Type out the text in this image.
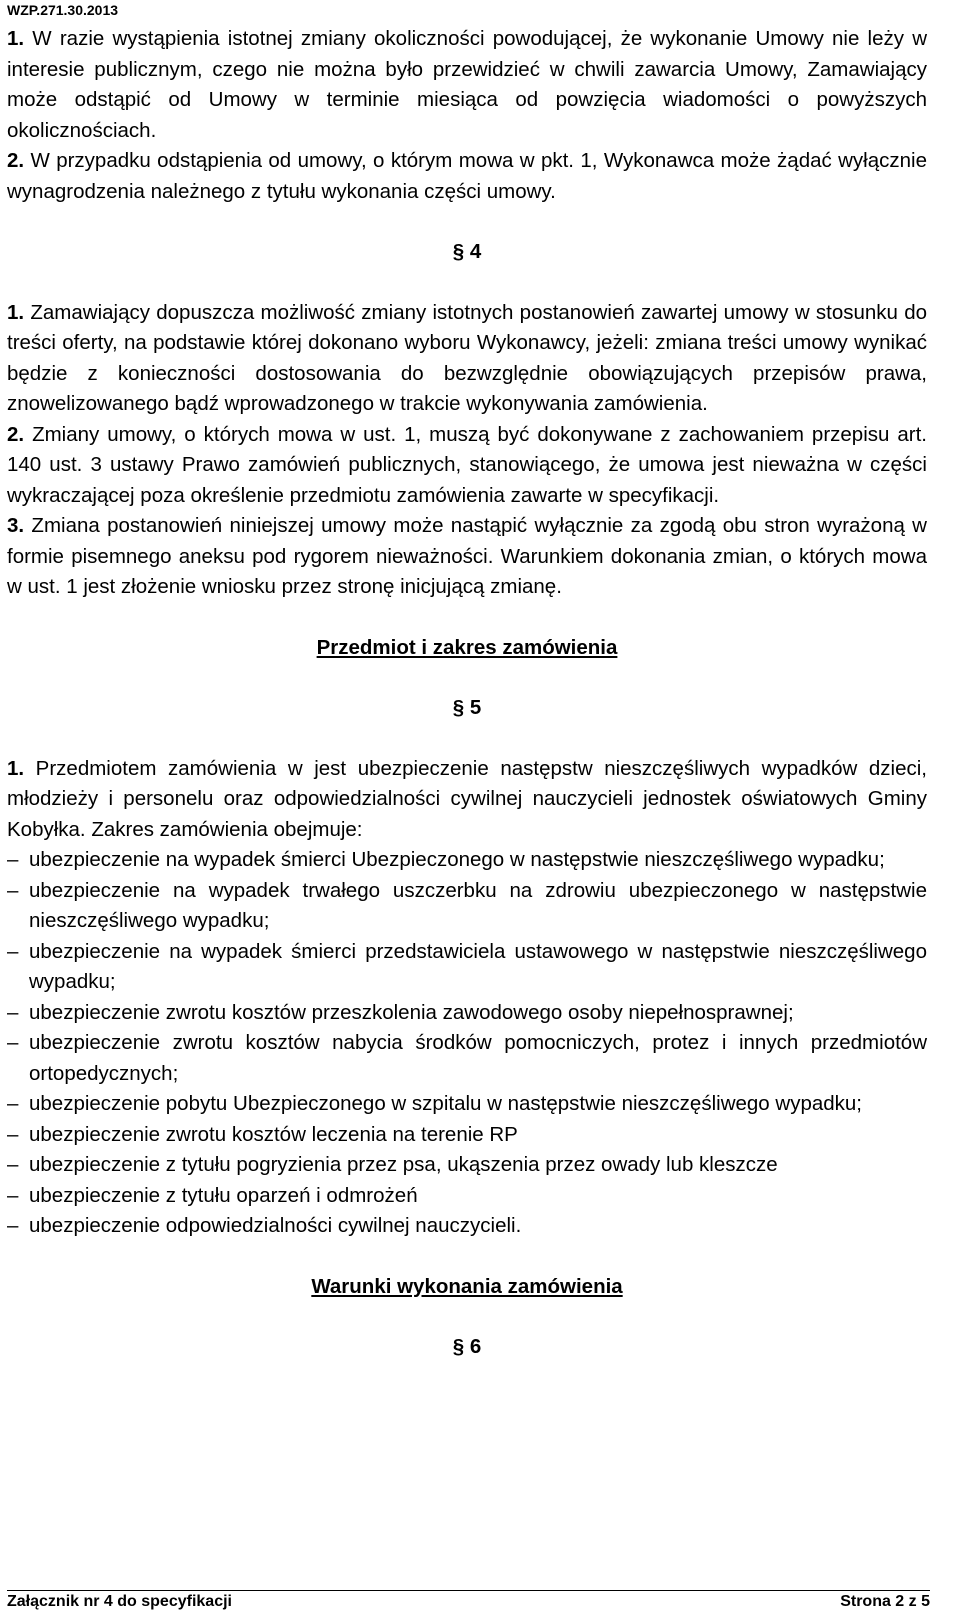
WZP.271.30.2013

1. W razie wystąpienia istotnej zmiany okoliczności powodującej, że wykonanie Umowy nie leży w interesie publicznym, czego nie można było przewidzieć w chwili zawarcia Umowy, Zamawiający może odstąpić od Umowy w terminie miesiąca od powzięcia wiadomości o powyższych okolicznościach.

2. W przypadku odstąpienia od umowy, o którym mowa w pkt. 1, Wykonawca może żądać wyłącznie wynagrodzenia należnego z tytułu wykonania części umowy.

§ 4

1. Zamawiający dopuszcza możliwość zmiany istotnych postanowień zawartej umowy w stosunku do treści oferty, na podstawie której dokonano wyboru Wykonawcy, jeżeli: zmiana treści umowy wynikać będzie z konieczności dostosowania do bezwzględnie obowiązujących przepisów prawa, znowelizowanego bądź wprowadzonego w trakcie wykonywania zamówienia.

2. Zmiany umowy, o których mowa w ust. 1, muszą być dokonywane z zachowaniem przepisu art. 140 ust. 3 ustawy Prawo zamówień publicznych, stanowiącego, że umowa jest nieważna w części wykraczającej poza określenie przedmiotu zamówienia zawarte w specyfikacji.

3. Zmiana postanowień niniejszej umowy może nastąpić wyłącznie za zgodą obu stron wyrażoną w formie pisemnego aneksu pod rygorem nieważności. Warunkiem dokonania zmian, o których mowa w ust. 1 jest złożenie wniosku przez stronę inicjującą zmianę.

Przedmiot i zakres zamówienia
§ 5

1. Przedmiotem zamówienia w jest ubezpieczenie następstw nieszczęśliwych wypadków dzieci, młodzieży i personelu oraz odpowiedzialności cywilnej nauczycieli jednostek oświatowych Gminy Kobyłka. Zakres zamówienia obejmuje:

– ubezpieczenie na wypadek śmierci Ubezpieczonego w następstwie nieszczęśliwego wypadku;

– ubezpieczenie na wypadek trwałego uszczerbku na zdrowiu ubezpieczonego w następstwie nieszczęśliwego wypadku;

– ubezpieczenie na wypadek śmierci przedstawiciela ustawowego w następstwie nieszczęśliwego wypadku;

– ubezpieczenie zwrotu kosztów przeszkolenia zawodowego osoby niepełnosprawnej;

– ubezpieczenie zwrotu kosztów nabycia środków pomocniczych, protez i innych przedmiotów ortopedycznych;

– ubezpieczenie pobytu Ubezpieczonego w szpitalu w następstwie nieszczęśliwego wypadku;

– ubezpieczenie zwrotu kosztów leczenia na terenie RP

– ubezpieczenie z tytułu pogryzienia przez psa, ukąszenia przez owady lub kleszcze

– ubezpieczenie z tytułu oparzeń i odmrożeń

– ubezpieczenie odpowiedzialności cywilnej nauczycieli.

Warunki wykonania zamówienia
§ 6
Załącznik nr 4 do specyfikacji	Strona 2 z 5
